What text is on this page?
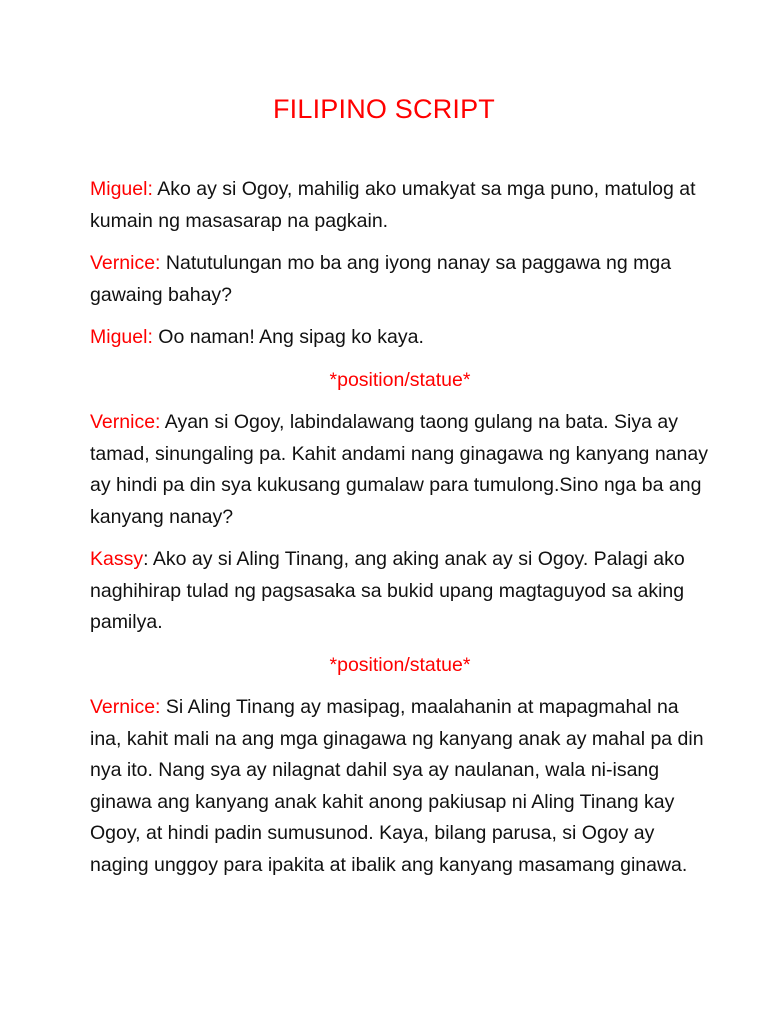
FILIPINO SCRIPT

Miguel: Ako ay si Ogoy, mahilig ako umakyat sa mga puno, matulog at kumain ng masasarap na pagkain.

Vernice: Natutulungan mo ba ang iyong nanay sa paggawa ng mga gawaing bahay?

Miguel: Oo naman! Ang sipag ko kaya.

*position/statue*

Vernice: Ayan si Ogoy, labindalawang taong gulang na bata. Siya ay tamad, sinungaling pa. Kahit andami nang ginagawa ng kanyang nanay ay hindi pa din sya kukusang gumalaw para tumulong.Sino nga ba ang kanyang nanay?

Kassy: Ako ay si Aling Tinang, ang aking anak ay si Ogoy. Palagi ako naghihirap tulad ng pagsasaka sa bukid upang magtaguyod sa aking pamilya.

*position/statue*

Vernice: Si Aling Tinang ay masipag, maalahanin at mapagmahal na ina, kahit mali na ang mga ginagawa ng kanyang anak ay mahal pa din nya ito. Nang sya ay nilagnat dahil sya ay naulanan, wala ni-isang ginawa ang kanyang anak kahit anong pakiusap ni Aling Tinang kay Ogoy, at hindi padin sumusunod. Kaya, bilang parusa, si Ogoy ay naging unggoy para ipakita at ibalik ang kanyang masamang ginawa.
